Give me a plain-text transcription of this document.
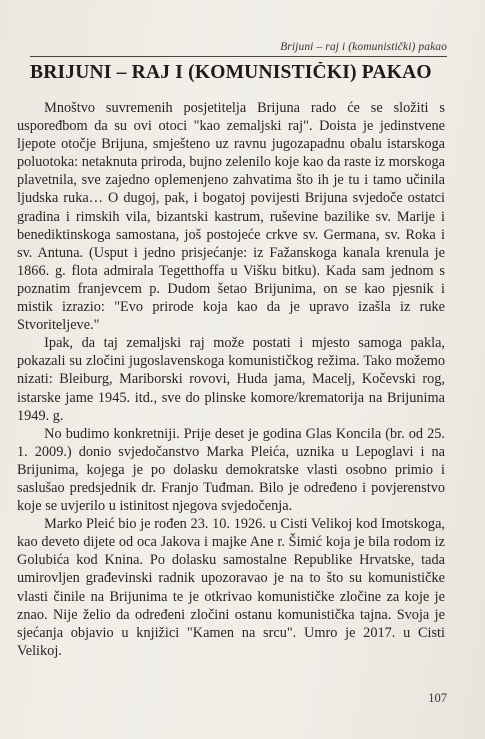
Brijuni – raj i (komunistički) pakao
BRIJUNI – RAJ I (KOMUNISTIČKI) PAKAO

Mnoštvo suvremenih posjetitelja Brijuna rado će se složiti s uspoređbom da su ovi otoci "kao zemaljski raj". Doista je jedinstvene ljepote otočje Brijuna, smješteno uz ravnu jugozapadnu obalu istarskoga poluotoka: netaknuta priroda, bujno zelenilo koje kao da raste iz morskoga plavetnila, sve zajedno oplemenjeno zahvatima što ih je tu i tamo učinila ljudska ruka… O dugoj, pak, i bogatoj povijesti Brijuna svjedoče ostatci gradina i rimskih vila, bizantski kastrum, ruševine bazilike sv. Marije i benediktinskoga samostana, još postojeće crkve sv. Germana, sv. Roka i sv. Antuna. (Usput i jedno prisjećanje: iz Fažanskoga kanala krenula je 1866. g. flota admirala Tegetthoffa u Višku bitku). Kada sam jednom s poznatim franjevcem p. Dudom šetao Brijunima, on se kao pjesnik i mistik izrazio: "Evo prirode koja kao da je upravo izašla iz ruke Stvoriteljeve."

Ipak, da taj zemaljski raj može postati i mjesto samoga pakla, pokazali su zločini jugoslavenskoga komunističkog režima. Tako možemo nizati: Bleiburg, Mariborski rovovi, Huda jama, Macelj, Kočevski rog, istarske jame 1945. itd., sve do plinske komore/krematorija na Brijunima 1949. g.

No budimo konkretniji. Prije deset je godina Glas Koncila (br. od 25. 1. 2009.) donio svjedočanstvo Marka Pleića, uznika u Lepoglavi i na Brijunima, kojega je po dolasku demokratske vlasti osobno primio i saslušao predsjednik dr. Franjo Tuđman. Bilo je određeno i povjerenstvo koje se uvjerilo u istinitost njegova svjedočenja.

Marko Pleić bio je rođen 23. 10. 1926. u Cisti Velikoj kod Imotskoga, kao deveto dijete od oca Jakova i majke Ane r. Šimić koja je bila rodom iz Golubića kod Knina. Po dolasku samostalne Republike Hrvatske, tada umirovljen građevinski radnik upozoravao je na to što su komunističke vlasti činile na Brijunima te je otkrivao komunističke zločine za koje je znao. Nije želio da određeni zločini ostanu komunistička tajna. Svoja je sjećanja objavio u knjižici "Kamen na srcu". Umro je 2017. u Cisti Velikoj.

107
